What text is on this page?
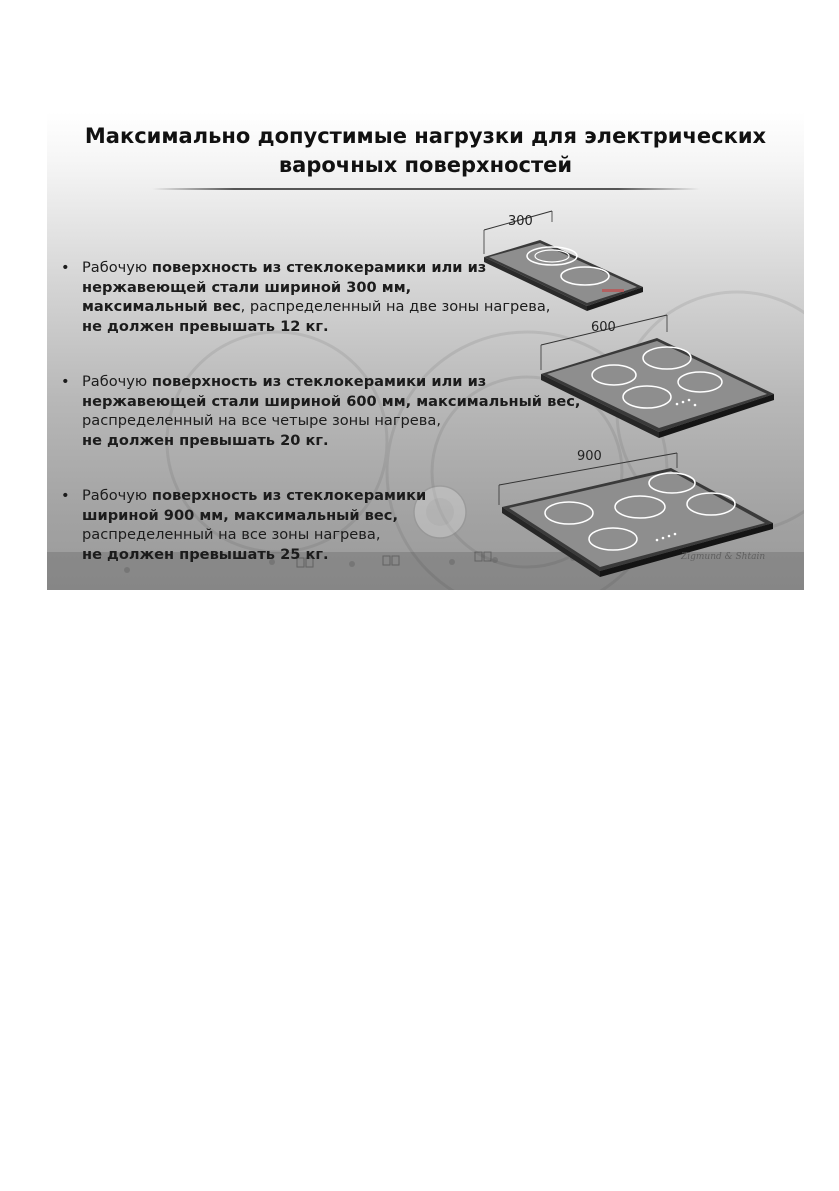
Максимально допустимые нагрузки для электрических
варочных поверхностей
• Рабочую поверхность из стеклокерамики или из
нержавеющей стали шириной 300 мм,
максимальный вес, распределенный на две зоны нагрева,
не должен превышать 12 кг.
• Рабочую поверхность из стеклокерамики или из
нержавеющей стали шириной 600 мм, максимальный вес,
распределенный на все четыре зоны нагрева,
не должен превышать 20 кг.
• Рабочую поверхность из стеклокерамики
шириной 900 мм, максимальный вес,
распределенный на все зоны нагрева,
не должен превышать 25 кг.
300
600
900
Zigmund & Shtain
